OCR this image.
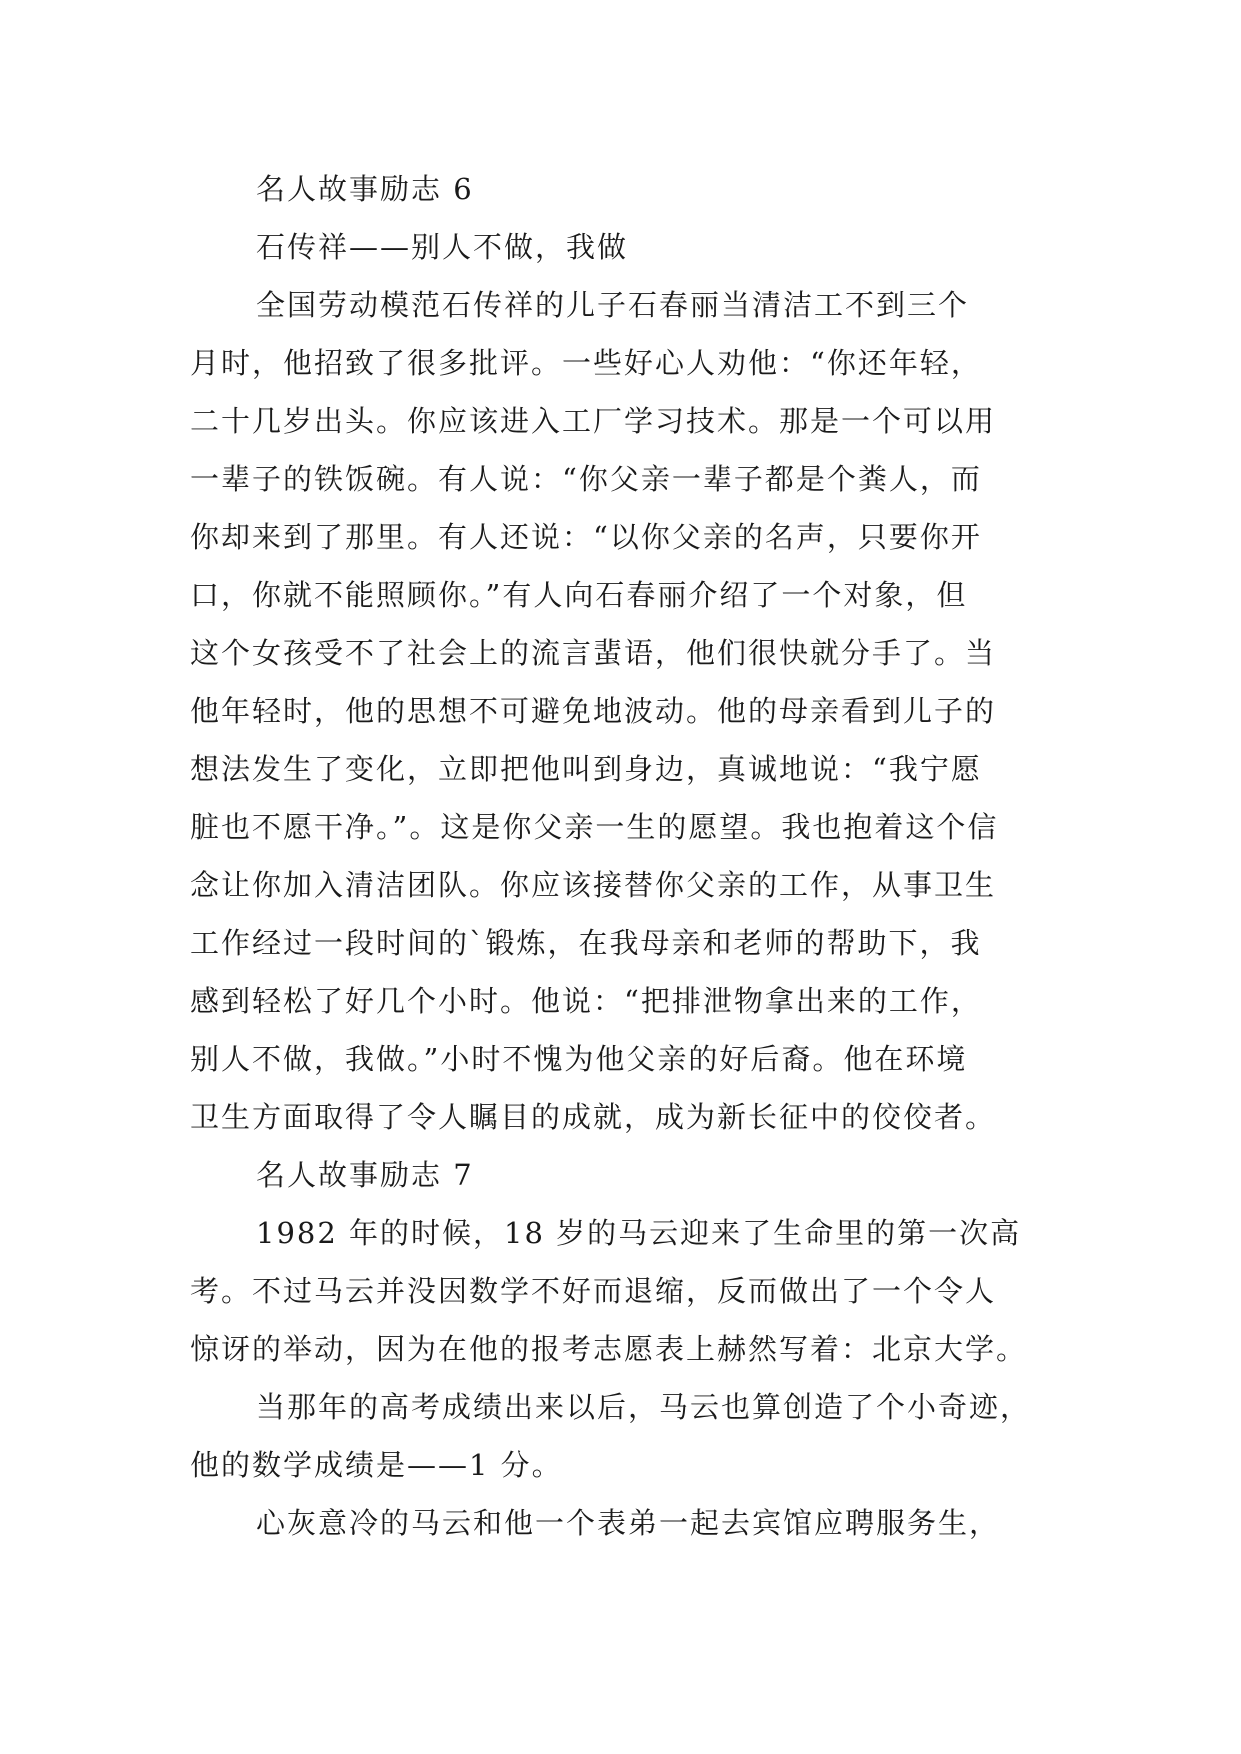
名人故事励志 6
石传祥——别人不做，我做
全国劳动模范石传祥的儿子石春丽当清洁工不到三个
月时，他招致了很多批评。一些好心人劝他：“你还年轻，
二十几岁出头。你应该进入工厂学习技术。那是一个可以用
一辈子的铁饭碗。有人说：“你父亲一辈子都是个粪人，而
你却来到了那里。有人还说：“以你父亲的名声，只要你开
口，你就不能照顾你。”有人向石春丽介绍了一个对象，但
这个女孩受不了社会上的流言蜚语，他们很快就分手了。当
他年轻时，他的思想不可避免地波动。他的母亲看到儿子的
想法发生了变化，立即把他叫到身边，真诚地说：“我宁愿
脏也不愿干净。”。这是你父亲一生的愿望。我也抱着这个信
念让你加入清洁团队。你应该接替你父亲的工作，从事卫生
工作经过一段时间的`锻炼，在我母亲和老师的帮助下，我
感到轻松了好几个小时。他说：“把排泄物拿出来的工作，
别人不做，我做。”小时不愧为他父亲的好后裔。他在环境
卫生方面取得了令人瞩目的成就，成为新长征中的佼佼者。
名人故事励志 7
1982 年的时候，18 岁的马云迎来了生命里的第一次高
考。不过马云并没因数学不好而退缩，反而做出了一个令人
惊讶的举动，因为在他的报考志愿表上赫然写着：北京大学。
当那年的高考成绩出来以后，马云也算创造了个小奇迹，
他的数学成绩是——1 分。
心灰意冷的马云和他一个表弟一起去宾馆应聘服务生，
